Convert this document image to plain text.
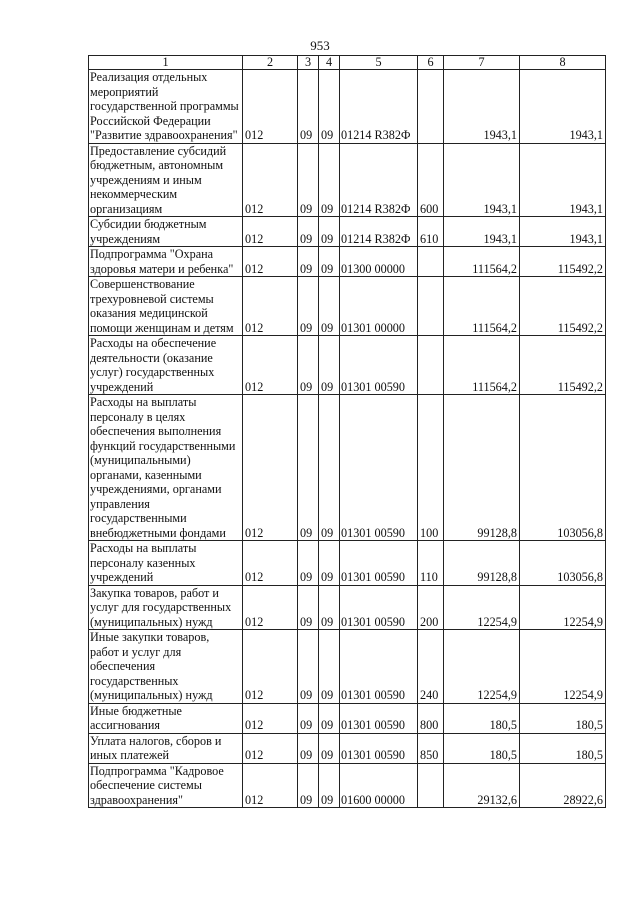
953
1	2	3	4	5	6	7	8
Реализация отдельных мероприятий государственной программы Российской Федерации "Развитие здравоохранения"	012	09	09	01214 R382Ф		1943,1	1943,1
Предоставление субсидий бюджетным, автономным учреждениям и иным некоммерческим организациям	012	09	09	01214 R382Ф	600	1943,1	1943,1
Субсидии бюджетным учреждениям	012	09	09	01214 R382Ф	610	1943,1	1943,1
Подпрограмма "Охрана здоровья матери и ребенка"	012	09	09	01300 00000		111564,2	115492,2
Совершенствование трехуровневой системы оказания медицинской помощи женщинам и детям	012	09	09	01301 00000		111564,2	115492,2
Расходы на обеспечение деятельности (оказание услуг) государственных учреждений	012	09	09	01301 00590		111564,2	115492,2
Расходы на выплаты персоналу в целях обеспечения выполнения функций государственными (муниципальными) органами, казенными учреждениями, органами управления государственными внебюджетными фондами	012	09	09	01301 00590	100	99128,8	103056,8
Расходы на выплаты персоналу казенных учреждений	012	09	09	01301 00590	110	99128,8	103056,8
Закупка товаров, работ и услуг для государственных (муниципальных) нужд	012	09	09	01301 00590	200	12254,9	12254,9
Иные закупки товаров, работ и услуг для обеспечения государственных (муниципальных) нужд	012	09	09	01301 00590	240	12254,9	12254,9
Иные бюджетные ассигнования	012	09	09	01301 00590	800	180,5	180,5
Уплата налогов, сборов и иных платежей	012	09	09	01301 00590	850	180,5	180,5
Подпрограмма "Кадровое обеспечение системы здравоохранения"	012	09	09	01600 00000		29132,6	28922,6
